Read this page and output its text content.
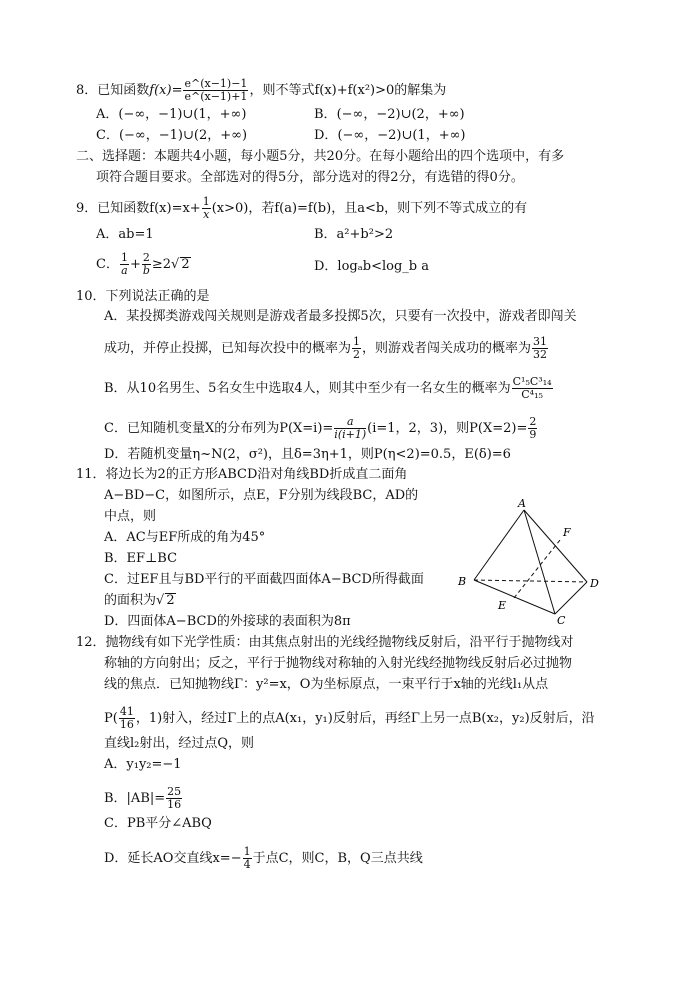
8．已知函数$f(x)= \frac{e\^{}(x-1)-1}{e\^{}(x-1)+1}$ ，则不等式f(x)+f(x²)>0的解集为
A．(−∞，−1)∪(1，+∞)	B．(−∞，−2)∪(2，+∞)
C．(−∞，−1)∪(2，+∞)	D．(−∞，−2)∪(1，+∞)
二、选择题：本题共4小题，每小题5分，共20分。在每小题给出的四个选项中，有多
项符合题目要求。全部选对的得5分，部分选对的得2分，有选错的得0分。
9．已知函数$f(x)=x+ \frac{1}{x} (x>0)$，若f(a)=f(b)，且a<b，则下列不等式成立的有
A．ab=1	B．a²+b²>2
C． $\frac{1}{a} + \frac{2}{b} \ge 2√$ 2	D．logₐb<log_b a
10．下列说法正确的是
A．某投掷类游戏闯关规则是游戏者最多投掷5次，只要有一次投中，游戏者即闯关
成功，并停止投掷，已知每次投中的概率为 $\frac{1}{2}$ ，则游戏者闯关成功的概率为 $\frac{31}{32}$
B．从10名男生、5名女生中选取4人，则其中至少有一名女生的概率为 $\frac{\text{C¹₅C³₁₄}}{\text{C⁴₁₅}}$
C．已知随机变量X的分布列为$P(X=i)= \frac{a}{i(i+1)} (i=1$，2，3)，则$P(X=2)= \frac{2}{9}$
D．若随机变量η~N(2，σ²)，且δ=3η+1，则P(η<2)=0.5，E(δ)=6
11．将边长为2的正方形ABCD沿对角线BD折成直二面角
A−BD−C，如图所示，点E，F分别为线段BC，AD的
中点，则
A．AC与EF所成的角为45°
B．EF⊥BC
C．过EF且与BD平行的平面截四面体A−BCD所得截面
的面积为√ 2
D．四面体A−BCD的外接球的表面积为8π
A
B
C
D
E
F
12．抛物线有如下光学性质：由其焦点射出的光线经抛物线反射后，沿平行于抛物线对
称轴的方向射出；反之，平行于抛物线对称轴的入射光线经抛物线反射后必过抛物
线的焦点．已知抛物线Γ：y²=x，O为坐标原点，一束平行于x轴的光线l₁从点
$P( \frac{41}{16}$ ，1)射入，经过Γ上的点A(x₁，y₁)反射后，再经Γ上另一点B(x₂，y₂)反射后，沿
直线l₂射出，经过点Q，则
A．y₁y₂=−1
B．$|AB|= \frac{25}{16}$
C．PB平分∠ABQ
D．延长AO交直线$x=- \frac{1}{4}$ 于点C，则C，B，Q三点共线
